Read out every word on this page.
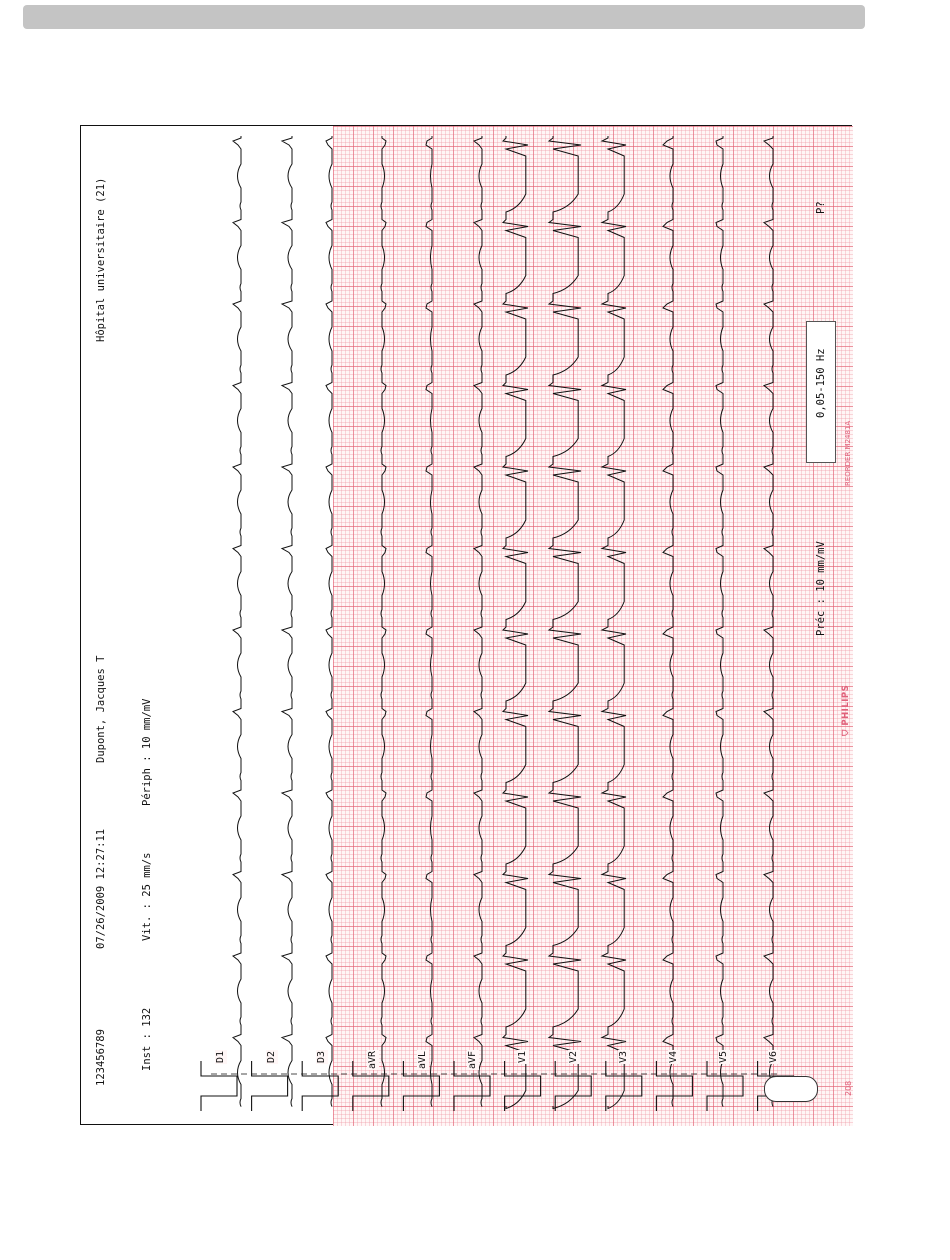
123456789
07/26/2009 12:27:11
Dupont, Jacques T
Hôpital universitaire (21)
Inst : 132
Vit. : 25 mm/s
Périph : 10 mm/mV
Préc : 10 mm/mV
0,05-150 Hz
P?
REORDER M2481A
⛉ PHILIPS
208
D1	D2	D3	aVR	aVL	aVF	V1	V2	V3	V4	V5	V6
